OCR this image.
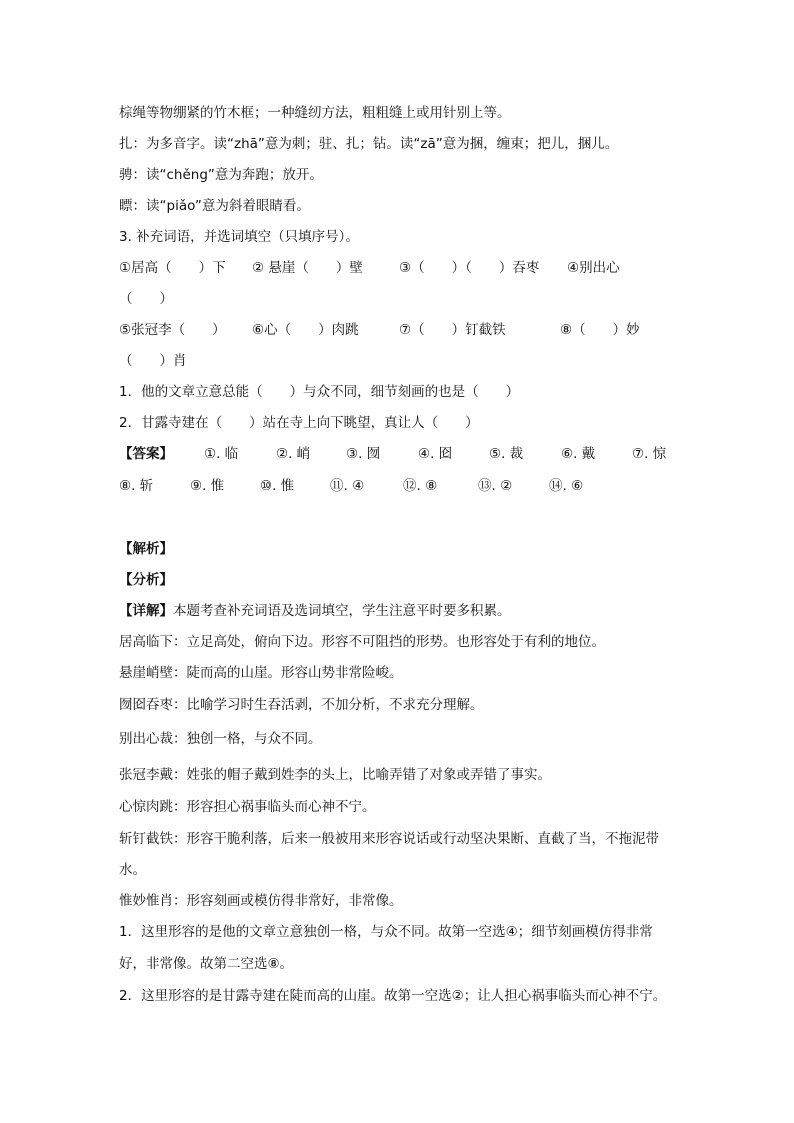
棕绳等物绷紧的竹木框；一种缝纫方法，粗粗缝上或用针别上等。
扎：为多音字。读“zhā”意为刺；驻、扎；钻。读“zā”意为捆，缠束；把儿，捆儿。
骋：读“chěng”意为奔跑；放开。
瞟：读“piǎo”意为斜着眼睛看。
3. 补充词语，并选词填空（只填序号）。
①居高（　　）下 ② 悬崖（　　）壁	③（　　）（　　）吞枣 ④别出心
（　　）
⑤张冠李（　　） ⑥心（　　）肉跳	⑦（　　）钉截铁	⑧（　　）妙
（　　）肖
1．他的文章立意总能（　　）与众不同，细节刻画的也是（　　）
2．甘露寺建在（　　）站在寺上向下眺望，真让人（　　）
【答案】 ①. 临	②. 峭	③. 囫	④. 囵	⑤. 裁	⑥. 戴	⑦. 惊
⑧. 斩	⑨. 惟	⑩. 惟	⑪. ④	⑫. ⑧	⑬. ②	⑭. ⑥
【解析】
【分析】
【详解】本题考查补充词语及选词填空，学生注意平时要多积累。
居高临下：立足高处，俯向下边。形容不可阻挡的形势。也形容处于有利的地位。
悬崖峭壁：陡而高的山崖。形容山势非常险峻。
囫囵吞枣：比喻学习时生吞活剥，不加分析，不求充分理解。
别出心裁：独创一格，与众不同。
张冠李戴：姓张的帽子戴到姓李的头上，比喻弄错了对象或弄错了事实。
心惊肉跳：形容担心祸事临头而心神不宁。
斩钉截铁：形容干脆利落，后来一般被用来形容说话或行动坚决果断、直截了当，不拖泥带
水。
惟妙惟肖：形容刻画或模仿得非常好，非常像。
1．这里形容的是他的文章立意独创一格，与众不同。故第一空选④；细节刻画模仿得非常
好，非常像。故第二空选⑧。
2．这里形容的是甘露寺建在陡而高的山崖。故第一空选②；让人担心祸事临头而心神不宁。
